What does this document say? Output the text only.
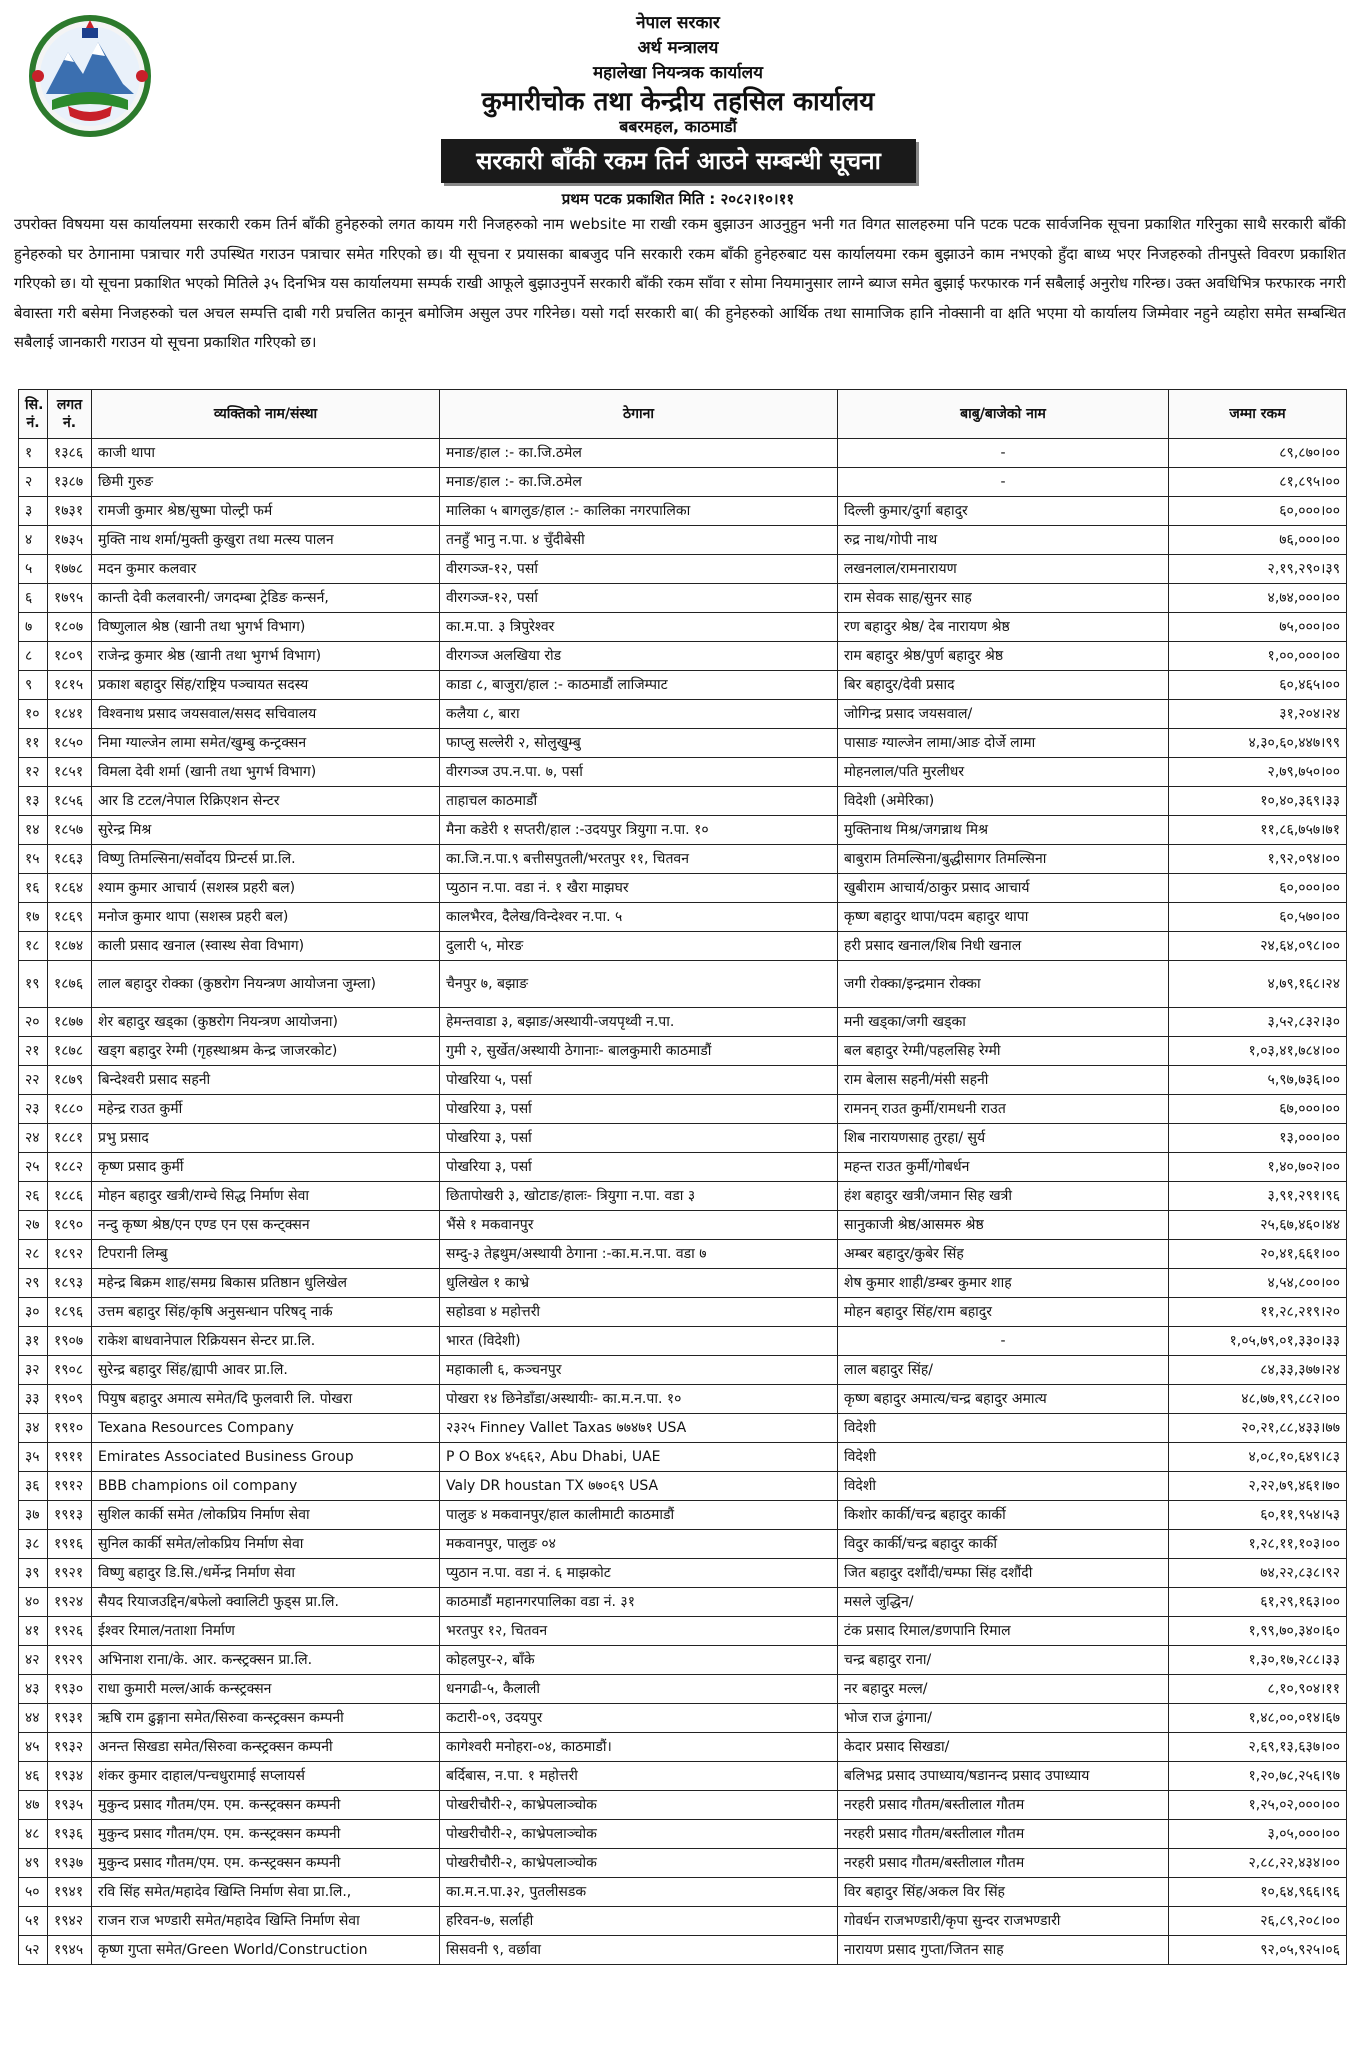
नेपाल सरकार
अर्थ मन्त्रालय
महालेखा नियन्त्रक कार्यालय
कुमारीचोक तथा केन्द्रीय तहसिल कार्यालय
बबरमहल, काठमाडौं
सरकारी बाँकी रकम तिर्न आउने सम्बन्धी सूचना
प्रथम पटक प्रकाशित मिति : २०८२।१०।११
उपरोक्त विषयमा यस कार्यालयमा सरकारी रकम तिर्न बाँकी हुनेहरुको लगत कायम गरी निजहरुको नाम website मा राखी रकम बुझाउन आउनुहुन भनी गत विगत सालहरुमा पनि पटक पटक सार्वजनिक सूचना प्रकाशित गरिनुका साथै सरकारी बाँकी हुनेहरुको घर ठेगानामा पत्राचार गरी उपस्थित गराउन पत्राचार समेत गरिएको छ। यी सूचना र प्रयासका बाबजुद पनि सरकारी रकम बाँकी हुनेहरुबाट यस कार्यालयमा रकम बुझाउने काम नभएको हुँदा बाध्य भएर निजहरुको तीनपुस्ते विवरण प्रकाशित गरिएको छ। यो सूचना प्रकाशित भएको मितिले ३५ दिनभित्र यस कार्यालयमा सम्पर्क राखी आफूले बुझाउनुपर्ने सरकारी बाँकी रकम साँवा र सोमा नियमानुसार लाग्ने ब्याज समेत बुझाई फरफारक गर्न सबैलाई अनुरोध गरिन्छ। उक्त अवधिभित्र फरफारक नगरी बेवास्ता गरी बसेमा निजहरुको चल अचल सम्पत्ति दाबी गरी प्रचलित कानून बमोजिम असुल उपर गरिनेछ। यसो गर्दा सरकारी बा( की हुनेहरुको आर्थिक तथा सामाजिक हानि नोक्सानी वा क्षति भएमा यो कार्यालय जिम्मेवार नहुने व्यहोरा समेत सम्बन्धित सबैलाई जानकारी गराउन यो सूचना प्रकाशित गरिएको छ।
सि. नं.	लगत नं.	व्यक्तिको नाम/संस्था	ठेगाना	बाबु/बाजेको नाम	जम्मा रकम
१	१३८६	काजी थापा	मनाङ/हाल :- का.जि.ठमेल	-	८९,८७०।००
२	१३८७	छिमी गुरुङ	मनाङ/हाल :- का.जि.ठमेल	-	८१,८९५।००
३	१७३१	रामजी कुमार श्रेष्ठ/सुष्मा पोल्ट्री फर्म	मालिका ५ बागलुङ/हाल :- कालिका नगरपालिका	दिल्ली कुमार/दुर्गा बहादुर	६०,०००।००
४	१७३५	मुक्ति नाथ शर्मा/मुक्ती कुखुरा तथा मत्स्य पालन	तनहुँ भानु न.पा. ४ चुँदीबेसी	रुद्र नाथ/गोपी नाथ	७६,०००।००
५	१७७८	मदन कुमार कलवार	वीरगञ्ज-१२, पर्सा	लखनलाल/रामनारायण	२,१९,२९०।३९
६	१७९५	कान्ती देवी कलवारनी/ जगदम्बा ट्रेडिङ कन्सर्न,	वीरगञ्ज-१२, पर्सा	राम सेवक साह/सुनर साह	४,७४,०००।००
७	१८०७	विष्णुलाल श्रेष्ठ (खानी तथा भुगर्भ विभाग)	का.म.पा. ३ त्रिपुरेश्वर	रण बहादुर श्रेष्ठ/ देब नारायण श्रेष्ठ	७५,०००।००
८	१८०९	राजेन्द्र कुमार श्रेष्ठ (खानी तथा भुगर्भ विभाग)	वीरगञ्ज अलखिया रोड	राम बहादुर श्रेष्ठ/पुर्ण बहादुर श्रेष्ठ	१,००,०००।००
९	१८१५	प्रकाश बहादुर सिंह/राष्ट्रिय पञ्चायत सदस्य	काडा ८, बाजुरा/हाल :- काठमाडौं लाजिम्पाट	बिर बहादुर/देवी प्रसाद	६०,४६५।००
१०	१८४१	विश्वनाथ प्रसाद जयसवाल/ससद सचिवालय	कलैया ८, बारा	जोगिन्द्र प्रसाद जयसवाल/	३१,२०४।२४
११	१८५०	निमा ग्याल्जेन लामा समेत/खुम्बु कन्ट्रक्सन	फाप्लु सल्लेरी २, सोलुखुम्बु	पासाङ ग्याल्जेन लामा/आङ दोर्जे लामा	४,३०,६०,४४७।९९
१२	१८५१	विमला देवी शर्मा (खानी तथा भुगर्भ विभाग)	वीरगञ्ज उप.न.पा. ७, पर्सा	मोहनलाल/पति मुरलीधर	२,७९,७५०।००
१३	१८५६	आर डि टटल/नेपाल रिक्रिएशन सेन्टर	ताहाचल काठमाडौं	विदेशी (अमेरिका)	१०,४०,३६९।३३
१४	१८५७	सुरेन्द्र मिश्र	मैना कडेरी १ सप्तरी/हाल :-उदयपुर त्रियुगा न.पा. १०	मुक्तिनाथ मिश्र/जगन्नाथ मिश्र	११,८६,७५७।७१
१५	१८६३	विष्णु तिमल्सिना/सर्वोदय प्रिन्टर्स प्रा.लि.	का.जि.न.पा.९ बत्तीसपुतली/भरतपुर ११, चितवन	बाबुराम तिमल्सिना/बुद्धीसागर तिमल्सिना	१,९२,०९४।००
१६	१८६४	श्याम कुमार आचार्य (सशस्त्र प्रहरी बल)	प्युठान न.पा. वडा नं. १ खैरा माझघर	खुबीराम आचार्य/ठाकुर प्रसाद आचार्य	६०,०००।००
१७	१८६९	मनोज कुमार थापा (सशस्त्र प्रहरी बल)	कालभैरव, दैलेख/विन्देश्वर न.पा. ५	कृष्ण बहादुर थापा/पदम बहादुर थापा	६०,५७०।००
१८	१८७४	काली प्रसाद खनाल (स्वास्थ सेवा विभाग)	दुलारी ५, मोरङ	हरी प्रसाद खनाल/शिब निधी खनाल	२४,६४,०९८।००
१९	१८७६	लाल बहादुर रोक्का (कुष्ठरोग नियन्त्रण आयोजना जुम्ला)	चैनपुर ७, बझाङ	जगी रोक्का/इन्द्रमान रोक्का	४,७९,१६८।२४
२०	१८७७	शेर बहादुर खड्का (कुष्ठरोग नियन्त्रण आयोजना)	हेमन्तवाडा ३, बझाङ/अस्थायी-जयपृथ्वी न.पा.	मनी खड्का/जगी खड्का	३,५२,८३२।३०
२१	१८७८	खड्ग बहादुर रेग्मी (गृहस्थाश्रम केन्द्र जाजरकोट)	गुमी २, सुर्खेत/अस्थायी ठेगानाः- बालकुमारी काठमाडौं	बल बहादुर रेग्मी/पहलसिह रेग्मी	१,०३,४१,७८४।००
२२	१८७९	बिन्देश्वरी प्रसाद सहनी	पोखरिया ५, पर्सा	राम बेलास सहनी/मंसी सहनी	५,९७,७३६।००
२३	१८८०	महेन्द्र राउत कुर्मी	पोखरिया ३, पर्सा	रामनन् राउत कुर्मी/रामधनी राउत	६७,०००।००
२४	१८८१	प्रभु प्रसाद	पोखरिया ३, पर्सा	शिब नारायणसाह तुरहा/ सुर्य	१३,०००।००
२५	१८८२	कृष्ण प्रसाद कुर्मी	पोखरिया ३, पर्सा	महन्त राउत कुर्मी/गोबर्धन	१,४०,७०२।००
२६	१८८६	मोहन बहादुर खत्री/राम्चे सिद्ध निर्माण सेवा	छितापोखरी ३, खोटाङ/हालः- त्रियुगा न.पा. वडा ३	हंश बहादुर खत्री/जमान सिह खत्री	३,९१,२९१।९६
२७	१८९०	नन्दु कृष्ण श्रेष्ठ/एन एण्ड एन एस कन्ट्क्सन	भैंसे १ मकवानपुर	सानुकाजी श्रेष्ठ/आसमरु श्रेष्ठ	२५,६७,४६०।४४
२८	१८९२	टिपरानी लिम्बु	सम्दु-३ तेह्रथुम/अस्थायी ठेगाना :-का.म.न.पा. वडा ७	अम्बर बहादुर/कुबेर सिंह	२०,४१,६६१।००
२९	१८९३	महेन्द्र बिक्रम शाह/समग्र बिकास प्रतिष्ठान धुलिखेल	धुलिखेल १ काभ्रे	शेष कुमार शाही/डम्बर कुमार शाह	४,५४,८००।००
३०	१८९६	उत्तम बहादुर सिंह/कृषि अनुसन्धान परिषद् नार्क	सहोडवा ४ महोत्तरी	मोहन बहादुर सिंह/राम बहादुर	११,२८,२१९।२०
३१	१९०७	राकेश बाधवानेपाल रिक्रियसन सेन्टर प्रा.लि.	भारत (विदेशी)	-	१,०५,७९,०१,३३०।३३
३२	१९०८	सुरेन्द्र बहादुर सिंह/ह्यापी आवर प्रा.लि.	महाकाली ६, कञ्चनपुर	लाल बहादुर सिंह/	८४,३३,३७७।२४
३३	१९०९	पियुष बहादुर अमात्य समेत/दि फुलवारी लि. पोखरा	पोखरा १४ छिनेडाँडा/अस्थायीः- का.म.न.पा. १०	कृष्ण बहादुर अमात्य/चन्द्र बहादुर अमात्य	४८,७७,१९,८८२।००
३४	१९१०	Texana Resources Company	२३२५ Finney Vallet Taxas ७७४७१ USA	विदेशी	२०,२१,८८,४३३।७७
३५	१९११	Emirates Associated Business Group	P O Box ४५६६२, Abu Dhabi, UAE	विदेशी	४,०८,१०,६४९।८३
३६	१९१२	BBB champions oil company	Valy DR houstan TX ७७०६९ USA	विदेशी	२,२२,७९,४६१।७०
३७	१९१३	सुशिल कार्की समेत /लोकप्रिय निर्माण सेवा	पालुङ ४ मकवानपुर/हाल कालीमाटी काठमाडौं	किशोर कार्की/चन्द्र बहादुर कार्की	६०,११,९५४।५३
३८	१९१६	सुनिल कार्की समेत/लोकप्रिय निर्माण सेवा	मकवानपुर, पालुङ ०४	विदुर कार्की/चन्द्र बहादुर कार्की	१,२८,११,१०३।००
३९	१९२१	विष्णु बहादुर डि.सि./धर्मेन्द्र निर्माण सेवा	प्युठान न.पा. वडा नं. ६ माझकोट	जित बहादुर दशौंदी/चम्फा सिंह दशौंदी	७४,२२,८३८।९२
४०	१९२४	सैयद रियाजउद्दिन/बफेलो क्वालिटी फुड्स प्रा.लि.	काठमाडौं महानगरपालिका वडा नं. ३१	मसले जुद्धिन/	६१,२९,१६३।००
४१	१९२६	ईश्वर रिमाल/नताशा निर्माण	भरतपुर १२, चितवन	टंक प्रसाद रिमाल/डणपानि रिमाल	१,९९,७०,३४०।६०
४२	१९२९	अभिनाश राना/के. आर. कन्स्ट्रक्सन प्रा.लि.	कोहलपुर-२, बाँके	चन्द्र बहादुर राना/	१,३०,१७,२८८।३३
४३	१९३०	राधा कुमारी मल्ल/आर्क कन्स्ट्रक्सन	धनगढी-५, कैलाली	नर बहादुर मल्ल/	८,१०,९०४।११
४४	१९३१	ऋषि राम ढुङ्गाना समेत/सिरुवा कन्स्ट्रक्सन कम्पनी	कटारी-०९, उदयपुर	भोज राज ढुंगाना/	१,४८,००,०१४।६७
४५	१९३२	अनन्त सिखडा समेत/सिरुवा कन्स्ट्रक्सन कम्पनी	कागेश्वरी मनोहरा-०४, काठमाडौं।	केदार प्रसाद सिखडा/	२,६९,१३,६३७।००
४६	१९३४	शंकर कुमार दाहाल/पन्चधुरामाई सप्लायर्स	बर्दिबास, न.पा. १ महोत्तरी	बलिभद्र प्रसाद उपाध्याय/षडानन्द प्रसाद उपाध्याय	१,२०,७८,२५६।९७
४७	१९३५	मुकुन्द प्रसाद गौतम/एम. एम. कन्स्ट्रक्सन कम्पनी	पोखरीचौरी-२, काभ्रेपलाञ्चोक	नरहरी प्रसाद गौतम/बस्तीलाल गौतम	१,२५,०२,०००।००
४८	१९३६	मुकुन्द प्रसाद गौतम/एम. एम. कन्स्ट्रक्सन कम्पनी	पोखरीचौरी-२, काभ्रेपलाञ्चोक	नरहरी प्रसाद गौतम/बस्तीलाल गौतम	३,०५,०००।००
४९	१९३७	मुकुन्द प्रसाद गौतम/एम. एम. कन्स्ट्रक्सन कम्पनी	पोखरीचौरी-२, काभ्रेपलाञ्चोक	नरहरी प्रसाद गौतम/बस्तीलाल गौतम	२,८८,२२,४३४।००
५०	१९४१	रवि सिंह समेत/महादेव खिम्ति निर्माण सेवा प्रा.लि.,	का.म.न.पा.३२, पुतलीसडक	विर बहादुर सिंह/अकल विर सिंह	१०,६४,९६६।९६
५१	१९४२	राजन राज भण्डारी समेत/महादेव खिम्ति निर्माण सेवा	हरिवन-७, सर्लाही	गोवर्धन राजभण्डारी/कृपा सुन्दर राजभण्डारी	२६,८९,२०८।००
५२	१९४५	कृष्ण गुप्ता समेत/Green World/Construction	सिसवनी ९, वर्छावा	नारायण प्रसाद गुप्ता/जितन साह	९२,०५,९२५।०६
